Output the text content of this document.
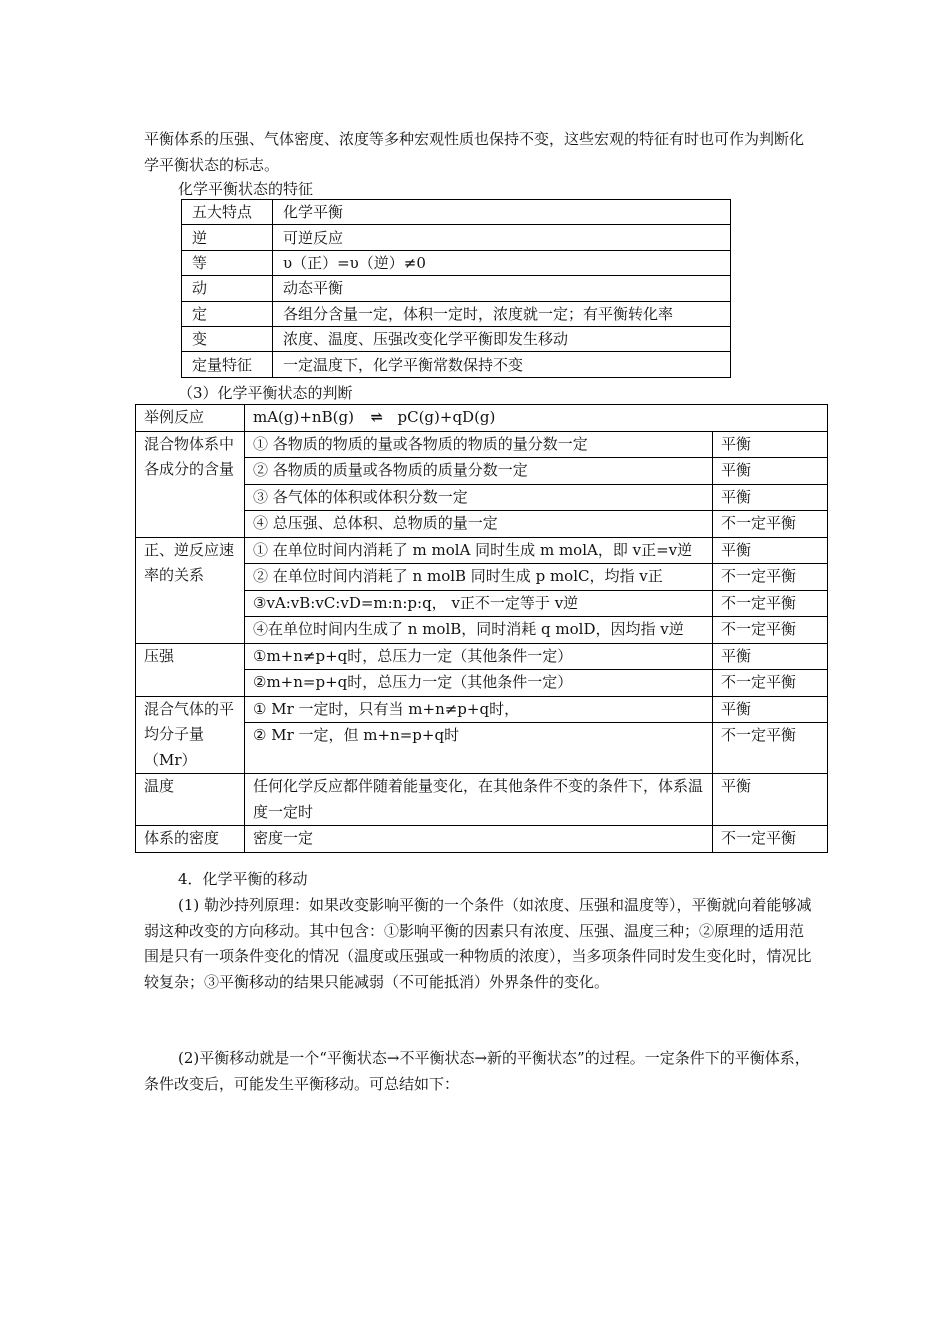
平衡体系的压强、气体密度、浓度等多种宏观性质也保持不变，这些宏观的特征有时也可作为判断化学平衡状态的标志。
化学平衡状态的特征
五大特点	化学平衡
逆	可逆反应
等	υ（正）=υ（逆）≠0
动	动态平衡
定	各组分含量一定，体积一定时，浓度就一定；有平衡转化率
变	浓度、温度、压强改变化学平衡即发生移动
定量特征	一定温度下，化学平衡常数保持不变
（3）化学平衡状态的判断
举例反应	mA(g)+nB(g) ⇌ pC(g)+qD(g)	
混合物体系中各成分的含量	① 各物质的物质的量或各物质的物质的量分数一定	平衡
	② 各物质的质量或各物质的质量分数一定	平衡
	③ 各气体的体积或体积分数一定	平衡
	④ 总压强、总体积、总物质的量一定	不一定平衡
正、逆反应速率的关系	① 在单位时间内消耗了 m molA 同时生成 m molA，即 v正=v逆	平衡
	② 在单位时间内消耗了 n molB 同时生成 p molC，均指 v正	不一定平衡
	③vA:vB:vC:vD=m:n:p:q， v正不一定等于 v逆	不一定平衡
	④在单位时间内生成了 n molB，同时消耗 q molD，因均指 v逆	不一定平衡
压强	①m+n≠p+q时，总压力一定（其他条件一定）	平衡
	②m+n=p+q时，总压力一定（其他条件一定）	不一定平衡
混合气体的平均分子量（Mr）	① Mr 一定时，只有当 m+n≠p+q时，	平衡
	② Mr 一定，但 m+n=p+q时	不一定平衡
温度	任何化学反应都伴随着能量变化，在其他条件不变的条件下，体系温度一定时	平衡
体系的密度	密度一定	不一定平衡
4．化学平衡的移动
(1) 勒沙持列原理：如果改变影响平衡的一个条件（如浓度、压强和温度等），平衡就向着能够减弱这种改变的方向移动。其中包含：①影响平衡的因素只有浓度、压强、温度三种；②原理的适用范围是只有一项条件变化的情况（温度或压强或一种物质的浓度），当多项条件同时发生变化时，情况比较复杂；③平衡移动的结果只能减弱（不可能抵消）外界条件的变化。
(2)平衡移动就是一个“平衡状态→不平衡状态→新的平衡状态”的过程。一定条件下的平衡体系，条件改变后，可能发生平衡移动。可总结如下：
